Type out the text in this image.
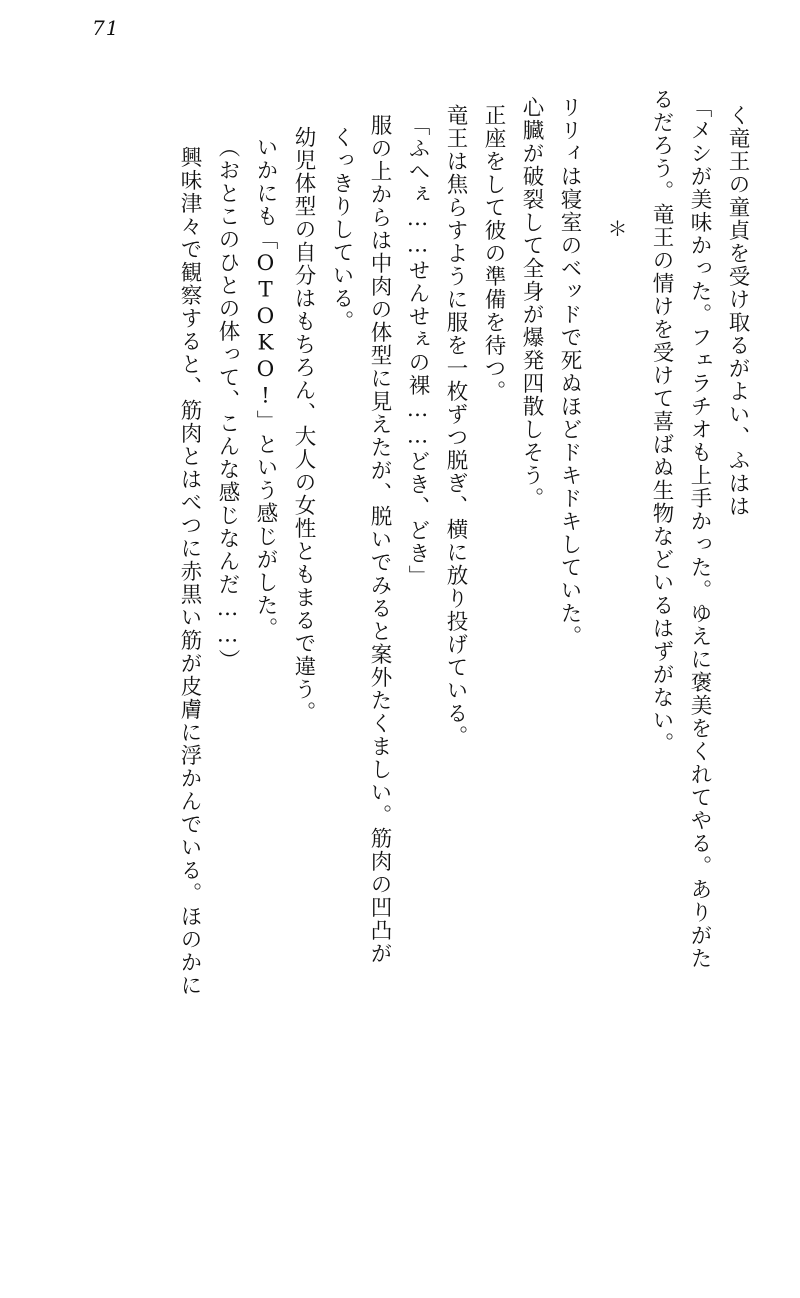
71
く竜王の童貞を受け取るがよい、ふはは
「メシが美味かった。フェラチオも上手かった。ゆえに褒美をくれてやる。ありがた
るだろう。竜王の情けを受けて喜ばぬ生物などいるはずがない。
＊
リリィは寝室のベッドで死ぬほどドキドキしていた。
心臓が破裂して全身が爆発四散しそう。
正座をして彼の準備を待つ。
竜王は焦らすように服を一枚ずつ脱ぎ、横に放り投げている。
「ふへぇ……せんせぇの裸……どき、どき」
服の上からは中肉の体型に見えたが、脱いでみると案外たくましい。筋肉の凹凸が
くっきりしている。
幼児体型の自分はもちろん、大人の女性ともまるで違う。
いかにも「OTOKO!」という感じがした。
（おとこのひとの体って、こんな感じなんだ……）
興味津々で観察すると、筋肉とはべつに赤黒い筋が皮膚に浮かんでいる。ほのかに
